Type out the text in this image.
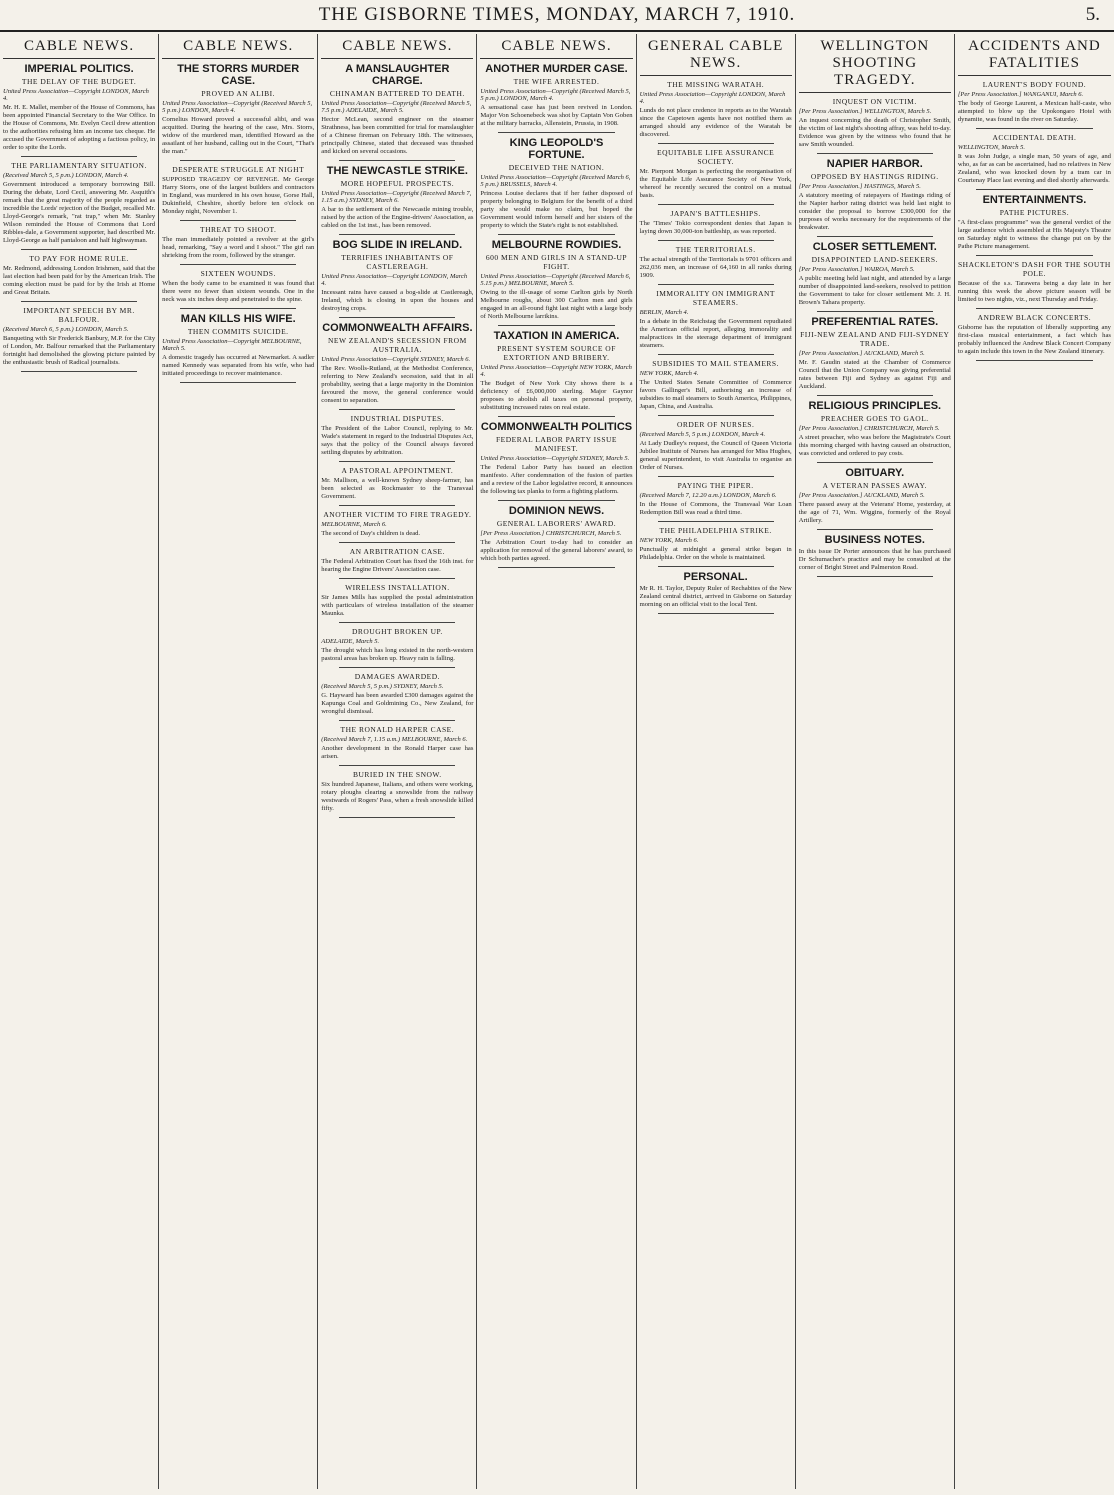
THE GISBORNE TIMES, MONDAY, MARCH 7, 1910.	5.
CABLE NEWS.
IMPERIAL POLITICS.
THE DELAY OF THE BUDGET.
United Press Association—Copyright LONDON, March 4.
Mr. H. E. Mallet, member of the House of Commons, has been appointed Financial Secretary to the War Office. In the House of Commons, Mr. Evelyn Cecil drew attention to the authorities refusing him an income tax cheque. He accused the Government of adopting a factious policy, in order to spite the Lords.
THE PARLIAMENTARY SITUATION.
(Received March 5, 5 p.m.) LONDON, March 4.
Government introduced a temporary borrowing Bill. During the debate, Lord Cecil, answering Mr. Asquith's remark that the great majority of the people regarded as incredible the Lords' rejection of the Budget, recalled Mr. Lloyd-George's remark, "rat trap," when Mr. Stanley Wilson reminded the House of Commons that Lord Ribbles-dale, a Government supporter, had described Mr. Lloyd-George as half pantaloon and half highwayman.
TO PAY FOR HOME RULE.
Mr. Redmond, addressing London Irishmen, said that the last election had been paid for by the American Irish. The coming election must be paid for by the Irish at Home and Great Britain.
IMPORTANT SPEECH BY MR. BALFOUR.
(Received March 6, 5 p.m.) LONDON, March 5.
Banqueting with Sir Frederick Banbury, M.P. for the City of London, Mr. Balfour remarked that the Parliamentary fortnight had demolished the glowing picture painted by the enthusiastic brush of Radical journalists.
CABLE NEWS.
THE STORRS MURDER CASE.
PROVED AN ALIBI.
United Press Association—Copyright (Received March 5, 5 p.m.) LONDON, March 4.
Cornelius Howard proved a successful alibi, and was acquitted. During the hearing of the case, Mrs. Storrs, widow of the murdered man, identified Howard as the assailant of her husband, calling out in the Court, "That's the man."
DESPERATE STRUGGLE AT NIGHT
SUPPOSED TRAGEDY OF REVENGE. Mr George Harry Storrs, one of the largest builders and contractors in England, was murdered in his own house, Gorse Hall, Dukinfield, Cheshire, shortly before ten o'clock on Monday night, November 1.
THREAT TO SHOOT.
The man immediately pointed a revolver at the girl's head, remarking, "Say a word and I shoot." The girl ran shrieking from the room, followed by the stranger.
SIXTEEN WOUNDS.
When the body came to be examined it was found that there were no fewer than sixteen wounds. One in the neck was six inches deep and penetrated to the spine.
MAN KILLS HIS WIFE.
THEN COMMITS SUICIDE.
United Press Association—Copyright MELBOURNE, March 5.
A domestic tragedy has occurred at Newmarket. A sadler named Kennedy was separated from his wife, who had initiated proceedings to recover maintenance.
CABLE NEWS.
A MANSLAUGHTER CHARGE.
CHINAMAN BATTERED TO DEATH.
United Press Association—Copyright (Received March 5, 7.5 p.m.) ADELAIDE, March 5.
Hector McLean, second engineer on the steamer Strathness, has been committed for trial for manslaughter of a Chinese fireman on February 18th. The witnesses, principally Chinese, stated that deceased was thrashed and kicked on several occasions.
THE NEWCASTLE STRIKE.
MORE HOPEFUL PROSPECTS.
United Press Association—Copyright (Received March 7, 1.15 a.m.) SYDNEY, March 6.
A bar to the settlement of the Newcastle mining trouble, raised by the action of the Engine-drivers' Association, as cabled on the 1st inst., has been removed.
BOG SLIDE IN IRELAND.
TERRIFIES INHABITANTS OF CASTLEREAGH.
United Press Association—Copyright LONDON, March 4.
Incessant rains have caused a bog-slide at Castlereagh, Ireland, which is closing in upon the houses and destroying crops.
COMMONWEALTH AFFAIRS.
NEW ZEALAND'S SECESSION FROM AUSTRALIA.
United Press Association—Copyright SYDNEY, March 6.
The Rev. Woolls-Rutland, at the Methodist Conference, referring to New Zealand's secession, said that in all probability, seeing that a large majority in the Dominion favoured the move, the general conference would consent to separation.
INDUSTRIAL DISPUTES.
The President of the Labor Council, replying to Mr. Wade's statement in regard to the Industrial Disputes Act, says that the policy of the Council always favored settling disputes by arbitration.
A PASTORAL APPOINTMENT.
Mr. Mallison, a well-known Sydney sheep-farmer, has been selected as Rockmaster to the Transvaal Government.
ANOTHER VICTIM TO FIRE TRAGEDY.
MELBOURNE, March 6.
The second of Day's children is dead.
AN ARBITRATION CASE.
The Federal Arbitration Court has fixed the 16th inst. for hearing the Engine Drivers' Association case.
WIRELESS INSTALLATION.
Sir James Mills has supplied the postal administration with particulars of wireless installation of the steamer Maunka.
DROUGHT BROKEN UP.
ADELAIDE, March 5.
The drought which has long existed in the north-western pastoral areas has broken up. Heavy rain is falling.
DAMAGES AWARDED.
(Received March 5, 5 p.m.) SYDNEY, March 5.
G. Hayward has been awarded £300 damages against the Kapunga Coal and Goldmining Co., New Zealand, for wrongful dismissal.
THE RONALD HARPER CASE.
(Received March 7, 1.15 a.m.) MELBOURNE, March 6.
Another development in the Ronald Harper case has arisen.
BURIED IN THE SNOW.
Six hundred Japanese, Italians, and others were working, rotary ploughs clearing a snowslide from the railway westwards of Rogers' Pass, when a fresh snowslide killed fifty.
CABLE NEWS.
ANOTHER MURDER CASE.
THE WIFE ARRESTED.
United Press Association—Copyright (Received March 5, 5 p.m.) LONDON, March 4.
A sensational case has just been revived in London. Major Von Schoenebeck was shot by Captain Von Goben at the military barracks, Allenstein, Prussia, in 1908.
KING LEOPOLD'S FORTUNE.
DECEIVED THE NATION.
United Press Association—Copyright (Received March 6, 5 p.m.) BRUSSELS, March 4.
Princess Louise declares that if her father disposed of property belonging to Belgium for the benefit of a third party she would make no claim, but hoped the Government would inform herself and her sisters of the property to which the State's right is not established.
MELBOURNE ROWDIES.
600 MEN AND GIRLS IN A STAND-UP FIGHT.
United Press Association—Copyright (Received March 6, 5.15 p.m.) MELBOURNE, March 5.
Owing to the ill-usage of some Carlton girls by North Melbourne roughs, about 300 Carlton men and girls engaged in an all-round fight last night with a large body of North Melbourne larrikins.
TAXATION IN AMERICA.
PRESENT SYSTEM SOURCE OF EXTORTION AND BRIBERY.
United Press Association—Copyright NEW YORK, March 4.
The Budget of New York City shows there is a deficiency of £6,000,000 sterling. Major Gaynor proposes to abolish all taxes on personal property, substituting increased rates on real estate.
COMMONWEALTH POLITICS
FEDERAL LABOR PARTY ISSUE MANIFEST.
United Press Association—Copyright SYDNEY, March 5.
The Federal Labor Party has issued an election manifesto. After condemnation of the fusion of parties and a review of the Labor legislative record, it announces the following tax planks to form a fighting platform.
DOMINION NEWS.
GENERAL LABORERS' AWARD.
[Per Press Association.] CHRISTCHURCH, March 5.
The Arbitration Court to-day had to consider an application for removal of the general laborers' award, to which both parties agreed.
GENERAL CABLE NEWS.
THE MISSING WARATAH.
United Press Association—Copyright LONDON, March 4.
Lunds do not place credence in reports as to the Waratah since the Capetown agents have not notified them as arranged should any evidence of the Waratah be discovered.
EQUITABLE LIFE ASSURANCE SOCIETY.
Mr. Pierpont Morgan is perfecting the reorganisation of the Equitable Life Assurance Society of New York, whereof he recently secured the control on a mutual basis.
JAPAN'S BATTLESHIPS.
The 'Times' Tokio correspondent denies that Japan is laying down 30,000-ton battleship, as was reported.
THE TERRITORIALS.
The actual strength of the Territorials is 9701 officers and 262,036 men, an increase of 64,160 in all ranks during 1909.
IMMORALITY ON IMMIGRANT STEAMERS.
BERLIN, March 4.
In a debate in the Reichstag the Government repudiated the American official report, alleging immorality and malpractices in the steerage department of immigrant steamers.
SUBSIDIES TO MAIL STEAMERS.
NEW YORK, March 4.
The United States Senate Committee of Commerce favors Gallinger's Bill, authorising an increase of subsidies to mail steamers to South America, Philippines, Japan, China, and Australia.
ORDER OF NURSES.
(Received March 5, 5 p.m.) LONDON, March 4.
At Lady Dudley's request, the Council of Queen Victoria Jubilee Institute of Nurses has arranged for Miss Hughes, general superintendent, to visit Australia to organise an Order of Nurses.
PAYING THE PIPER.
(Received March 7, 12.20 a.m.) LONDON, March 6.
In the House of Commons, the Transvaal War Loan Redemption Bill was read a third time.
THE PHILADELPHIA STRIKE.
NEW YORK, March 6.
Punctually at midnight a general strike began in Philadelphia. Order on the whole is maintained.
PERSONAL.
Mr R. H. Taylor, Deputy Ruler of Rechabites of the New Zealand central district, arrived in Gisborne on Saturday morning on an official visit to the local Tent.
WELLINGTON SHOOTING TRAGEDY.
INQUEST ON VICTIM.
[Per Press Association.] WELLINGTON, March 5.
An inquest concerning the death of Christopher Smith, the victim of last night's shooting affray, was held to-day. Evidence was given by the witness who found that he saw Smith wounded.
NAPIER HARBOR.
OPPOSED BY HASTINGS RIDING.
[Per Press Association.] HASTINGS, March 5.
A statutory meeting of ratepayers of Hastings riding of the Napier harbor rating district was held last night to consider the proposal to borrow £300,000 for the purposes of works necessary for the requirements of the breakwater.
CLOSER SETTLEMENT.
DISAPPOINTED LAND-SEEKERS.
[Per Press Association.] WAIROA, March 5.
A public meeting held last night, and attended by a large number of disappointed land-seekers, resolved to petition the Government to take for closer settlement Mr. J. H. Brown's Tahara property.
PREFERENTIAL RATES.
FIJI-NEW ZEALAND AND FIJI-SYDNEY TRADE.
[Per Press Association.] AUCKLAND, March 5.
Mr. F. Gaudin stated at the Chamber of Commerce Council that the Union Company was giving preferential rates between Fiji and Sydney as against Fiji and Auckland.
RELIGIOUS PRINCIPLES.
PREACHER GOES TO GAOL.
[Per Press Association.] CHRISTCHURCH, March 5.
A street preacher, who was before the Magistrate's Court this morning charged with having caused an obstruction, was convicted and ordered to pay costs.
OBITUARY.
A VETERAN PASSES AWAY.
[Per Press Association.] AUCKLAND, March 5.
There passed away at the Veterans' Home, yesterday, at the age of 71, Wm. Wiggins, formerly of the Royal Artillery.
BUSINESS NOTES.
In this issue Dr Porter announces that he has purchased Dr Schumacher's practice and may be consulted at the corner of Bright Street and Palmerston Road.
ACCIDENTS AND FATALITIES
LAURENT'S BODY FOUND.
[Per Press Association.] WANGANUI, March 6.
The body of George Laurent, a Mexican half-caste, who attempted to blow up the Upokongaro Hotel with dynamite, was found in the river on Saturday.
ACCIDENTAL DEATH.
WELLINGTON, March 5.
It was John Judge, a single man, 50 years of age, and who, as far as can be ascertained, had no relatives in New Zealand, who was knocked down by a tram car in Courtenay Place last evening and died shortly afterwards.
ENTERTAINMENTS.
PATHE PICTURES.
"A first-class programme" was the general verdict of the large audience which assembled at His Majesty's Theatre on Saturday night to witness the change put on by the Pathe Picture management.
SHACKLETON'S DASH FOR THE SOUTH POLE.
Because of the s.s. Tarawera being a day late in her running this week the above picture season will be limited to two nights, viz., next Thursday and Friday.
ANDREW BLACK CONCERTS.
Gisborne has the reputation of liberally supporting any first-class musical entertainment, a fact which has probably influenced the Andrew Black Concert Company to again include this town in the New Zealand itinerary.
